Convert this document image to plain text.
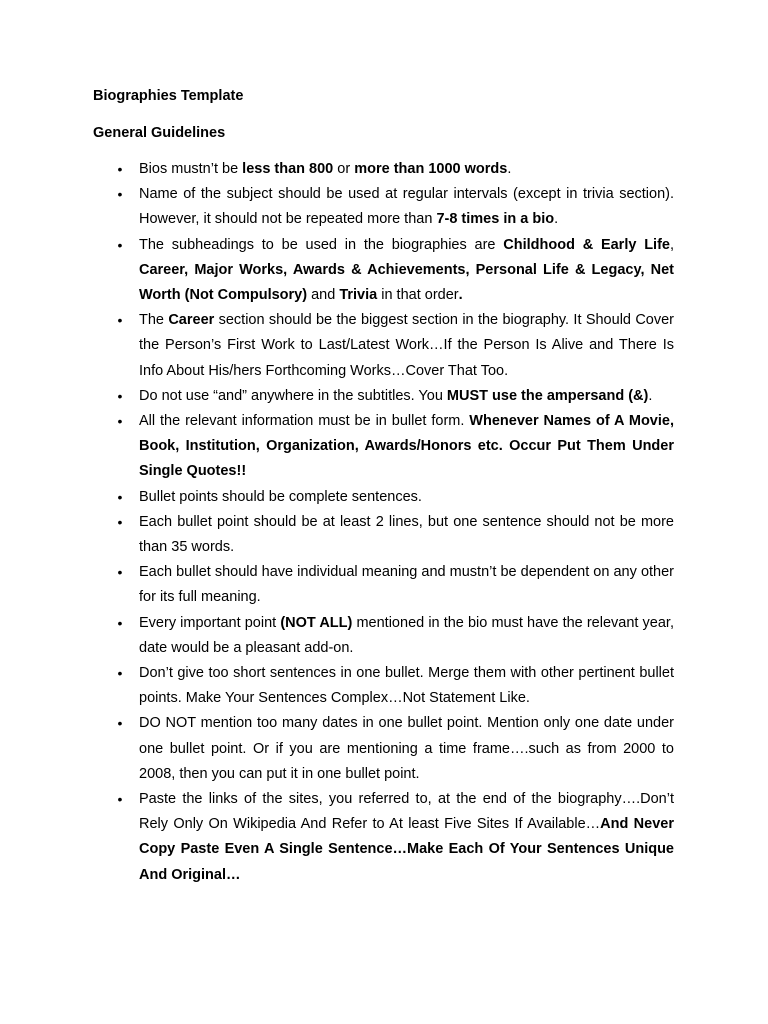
Biographies Template
General Guidelines
• Bios mustn’t be less than 800 or more than 1000 words.
• Name of the subject should be used at regular intervals (except in trivia section). However, it should not be repeated more than 7-8 times in a bio.
• The subheadings to be used in the biographies are Childhood & Early Life, Career, Major Works, Awards & Achievements, Personal Life & Legacy, Net Worth (Not Compulsory) and Trivia in that order.
• The Career section should be the biggest section in the biography. It Should Cover the Person’s First Work to Last/Latest Work…If the Person Is Alive and There Is Info About His/hers Forthcoming Works…Cover That Too.
• Do not use “and” anywhere in the subtitles. You MUST use the ampersand (&).
• All the relevant information must be in bullet form. Whenever Names of A Movie, Book, Institution, Organization, Awards/Honors etc. Occur Put Them Under Single Quotes!!
• Bullet points should be complete sentences.
• Each bullet point should be at least 2 lines, but one sentence should not be more than 35 words.
• Each bullet should have individual meaning and mustn’t be dependent on any other for its full meaning.
• Every important point (NOT ALL) mentioned in the bio must have the relevant year, date would be a pleasant add-on.
• Don’t give too short sentences in one bullet. Merge them with other pertinent bullet points. Make Your Sentences Complex…Not Statement Like.
• DO NOT mention too many dates in one bullet point. Mention only one date under one bullet point. Or if you are mentioning a time frame….such as from 2000 to 2008, then you can put it in one bullet point.
• Paste the links of the sites, you referred to, at the end of the biography….Don’t Rely Only On Wikipedia And Refer to At least Five Sites If Available…And Never Copy Paste Even A Single Sentence…Make Each Of Your Sentences Unique And Original…
